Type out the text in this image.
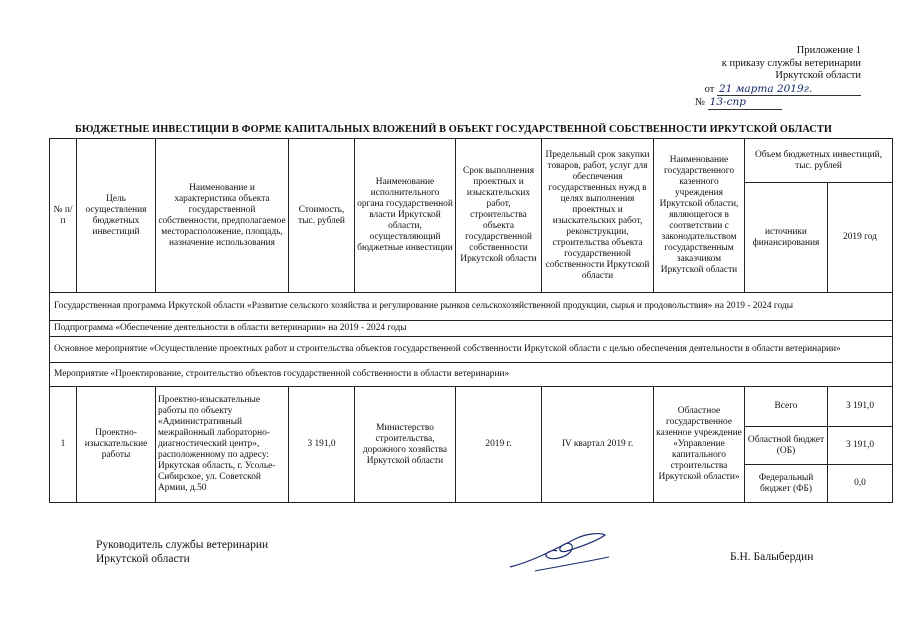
Приложение 1
к приказу службы ветеринарии
Иркутской области
от 21 марта 2019г.
№ 13-спр
БЮДЖЕТНЫЕ ИНВЕСТИЦИИ В ФОРМЕ КАПИТАЛЬНЫХ ВЛОЖЕНИЙ В ОБЪЕКТ ГОСУДАРСТВЕННОЙ СОБСТВЕННОСТИ ИРКУТСКОЙ ОБЛАСТИ
№ п/п	Цель осуществления бюджетных инвестиций	Наименование и характеристика объекта государственной собственности, предполагаемое месторасположение, площадь, назначение использования	Стоимость, тыс. рублей	Наименование исполнительного органа государственной власти Иркутской области, осуществляющий бюджетные инвестиции	Срок выполнения проектных и изыскательских работ, строительства объекта государственной собственности Иркутской области	Предельный срок закупки товаров, работ, услуг для обеспечения государственных нужд в целях выполнения проектных и изыскательских работ, реконструкции, строительства объекта государственной собственности Иркутской области	Наименование государственного казенного учреждения Иркутской области, являющегося в соответствии с законодательством государственным заказчиком Иркутской области	Объем бюджетных инвестиций, тыс. рублей	
								источники финансирования	2019 год
Государственная программа Иркутской области «Развитие сельского хозяйства и регулирование рынков сельскохозяйственной продукции, сырья и продовольствия» на 2019 - 2024 годы									
Подпрограмма «Обеспечение деятельности в области ветеринарии» на 2019 - 2024 годы									
Основное мероприятие «Осуществление проектных работ и строительства объектов государственной собственности Иркутской области с целью обеспечения деятельности в области ветеринарии»									
Мероприятие «Проектирование, строительство объектов государственной собственности в области ветеринарии»									
1	Проектно-изыскательские работы	Проектно-изыскательные работы по объекту «Административный межрайонный лабораторно-диагностический центр», расположенному по адресу: Иркутская область, г. Усолье-Сибирское, ул. Советской Армии, д.50	3 191,0	Министерство строительства, дорожного хозяйства Иркутской области	2019 г.	IV квартал 2019 г.	Областное государственное казенное учреждение «Управление капитального строительства Иркутской области»	Всего	3 191,0
								Областной бюджет (ОБ)	3 191,0
								Федеральный бюджет (ФБ)	0,0
Руководитель службы ветеринарии
Иркутской области	Б.Н. Балыбердин
